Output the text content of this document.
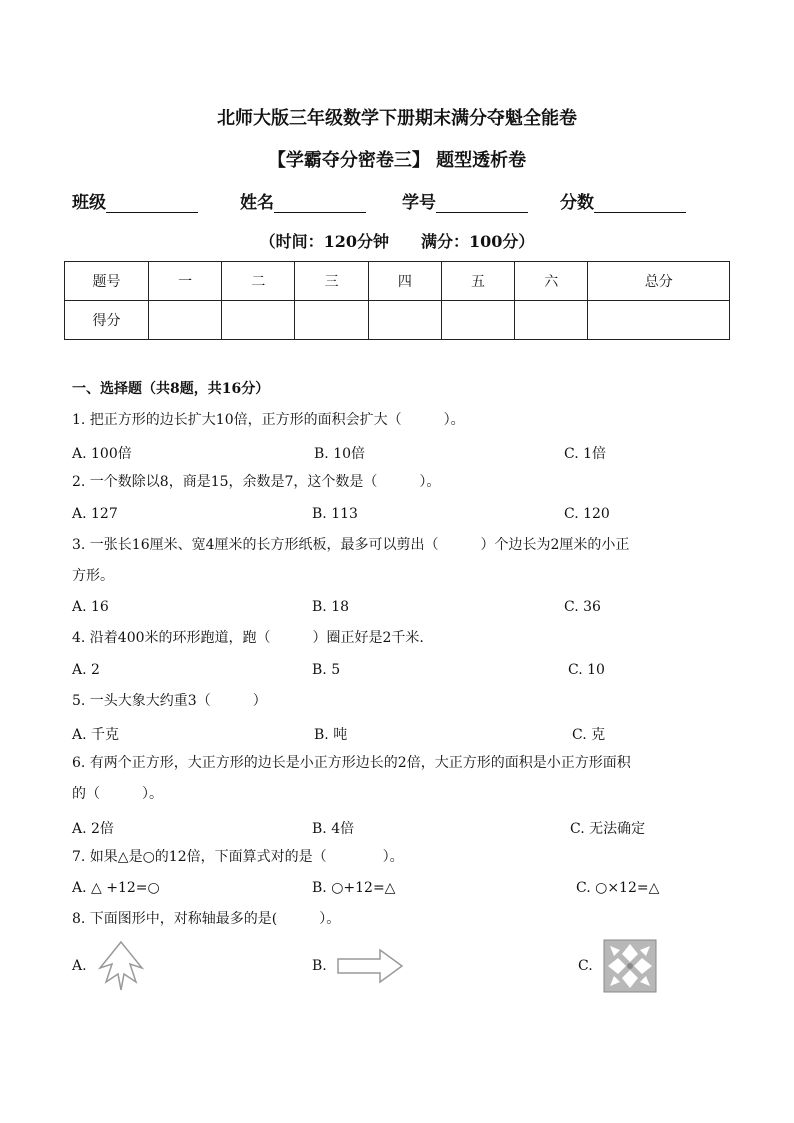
北师大版三年级数学下册期末满分夺魁全能卷
【学霸夺分密卷三】 题型透析卷
班级	姓名	学号	分数
（时间：120分钟　　满分：100分）
题号	一	二	三	四	五	六	总分
得分							
一、选择题（共8题，共16分）
1. 把正方形的边长扩大10倍，正方形的面积会扩大（　　　）。
A. 100倍	B. 10倍	C. 1倍
2. 一个数除以8，商是15，余数是7，这个数是（　　　）。
A. 127	B. 113	C. 120
3. 一张长16厘米、宽4厘米的长方形纸板，最多可以剪出（　　　）个边长为2厘米的小正
方形。
A. 16	B. 18	C. 36
4. 沿着400米的环形跑道，跑（　　　）圈正好是2千米.
A. 2	B. 5	C. 10
5. 一头大象大约重3（　　　）
A. 千克	B. 吨	C. 克
6. 有两个正方形，大正方形的边长是小正方形边长的2倍，大正方形的面积是小正方形面积
的（　　　）。
A. 2倍	B. 4倍	C. 无法确定
7. 如果△是○的12倍，下面算式对的是（　　　　）。
A. △ +12=○	B. ○+12=△	C. ○×12=△
8. 下面图形中，对称轴最多的是(　　　）。
A.	B.	C.
